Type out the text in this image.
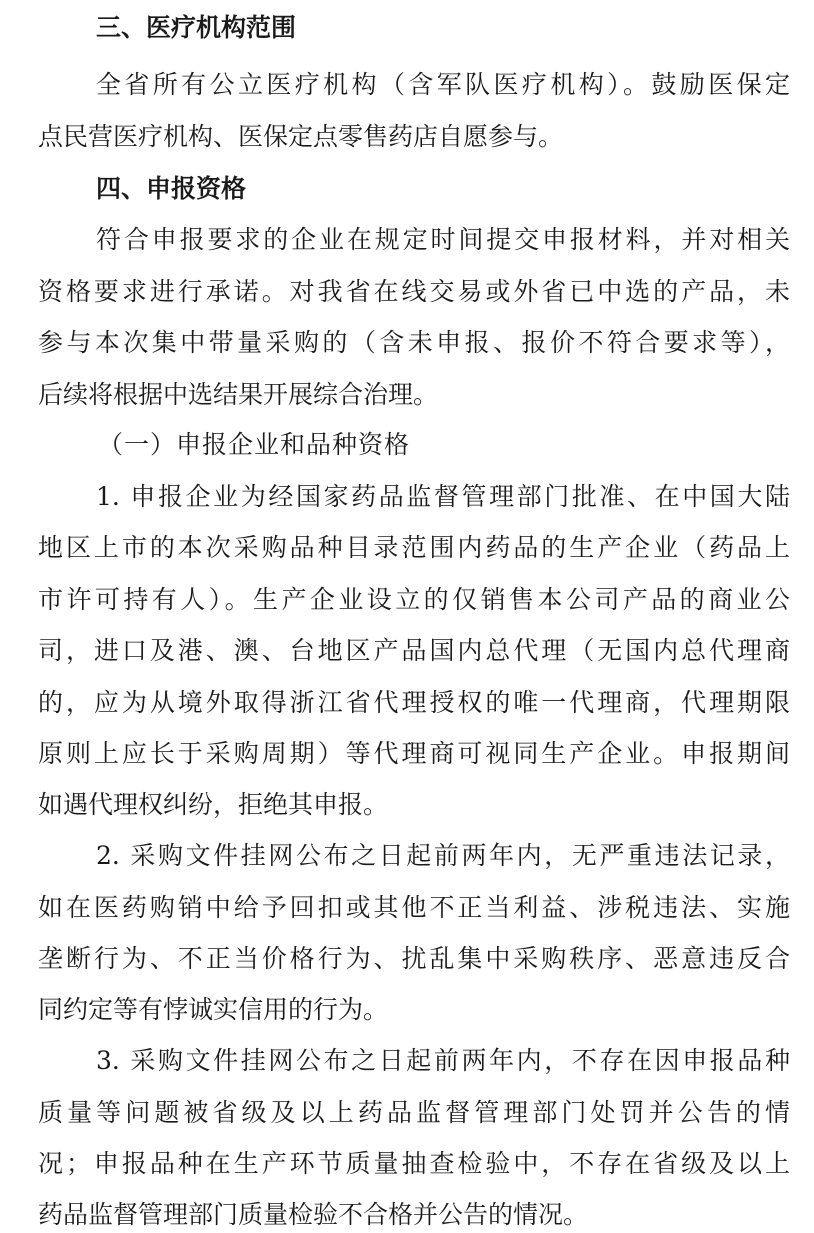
三、医疗机构范围
全省所有公立医疗机构（含军队医疗机构）。鼓励医保定
点民营医疗机构、医保定点零售药店自愿参与。
四、申报资格
符合申报要求的企业在规定时间提交申报材料，并对相关
资格要求进行承诺。对我省在线交易或外省已中选的产品，未
参与本次集中带量采购的（含未申报、报价不符合要求等），
后续将根据中选结果开展综合治理。
（一）申报企业和品种资格
1. 申报企业为经国家药品监督管理部门批准、在中国大陆
地区上市的本次采购品种目录范围内药品的生产企业（药品上
市许可持有人）。生产企业设立的仅销售本公司产品的商业公
司，进口及港、澳、台地区产品国内总代理（无国内总代理商
的，应为从境外取得浙江省代理授权的唯一代理商，代理期限
原则上应长于采购周期）等代理商可视同生产企业。申报期间
如遇代理权纠纷，拒绝其申报。
2. 采购文件挂网公布之日起前两年内，无严重违法记录，
如在医药购销中给予回扣或其他不正当利益、涉税违法、实施
垄断行为、不正当价格行为、扰乱集中采购秩序、恶意违反合
同约定等有悖诚实信用的行为。
3. 采购文件挂网公布之日起前两年内，不存在因申报品种
质量等问题被省级及以上药品监督管理部门处罚并公告的情
况；申报品种在生产环节质量抽查检验中，不存在省级及以上
药品监督管理部门质量检验不合格并公告的情况。
